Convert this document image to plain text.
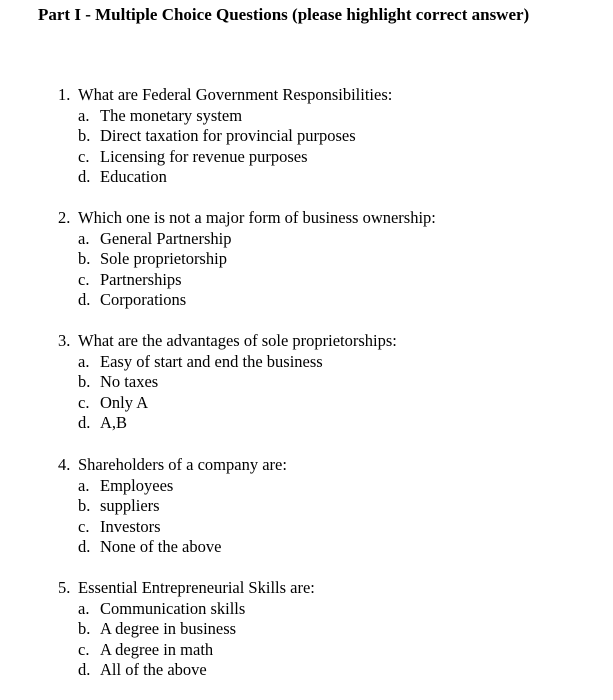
Part I - Multiple Choice Questions (please highlight correct answer)
1. What are Federal Government Responsibilities:
a. The monetary system
b. Direct taxation for provincial purposes
c. Licensing for revenue purposes
d. Education
2. Which one is not a major form of business ownership:
a. General Partnership
b. Sole proprietorship
c. Partnerships
d. Corporations
3. What are the advantages of sole proprietorships:
a. Easy of start and end the business
b. No taxes
c. Only A
d. A,B
4. Shareholders of a company are:
a. Employees
b. suppliers
c. Investors
d. None of the above
5. Essential Entrepreneurial Skills are:
a. Communication skills
b. A degree in business
c. A degree in math
d. All of the above
